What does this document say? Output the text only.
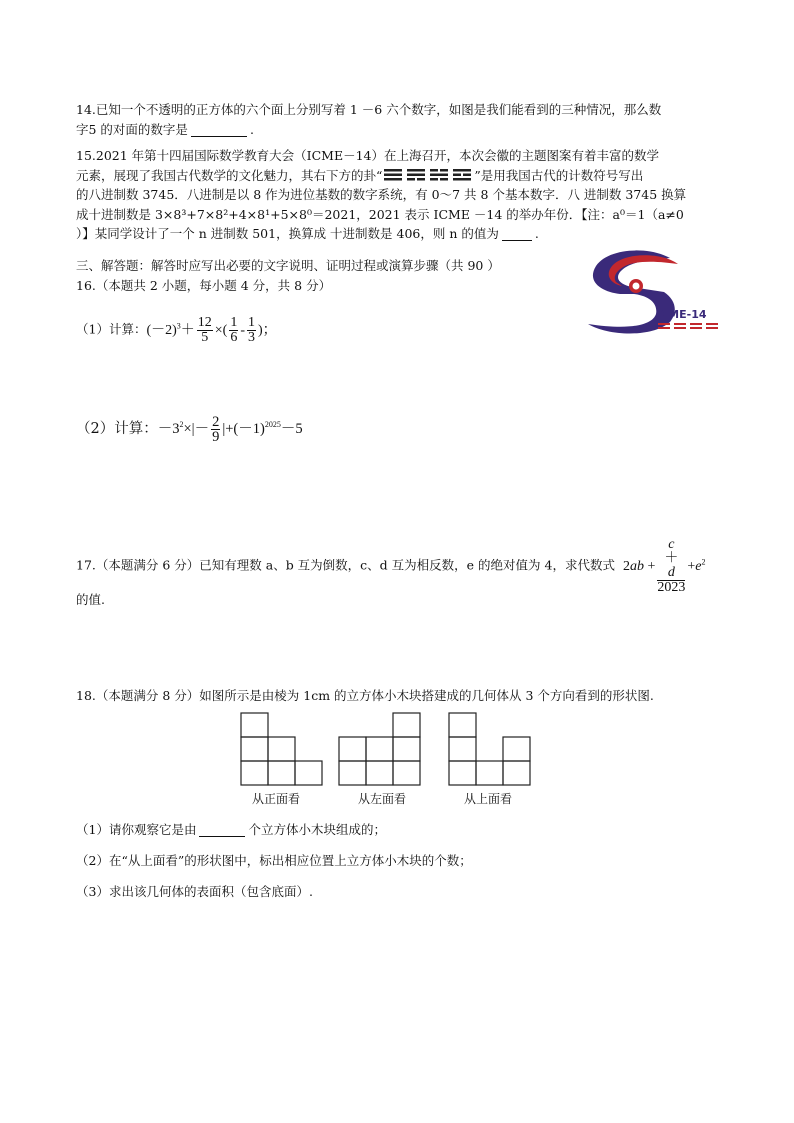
14.已知一个不透明的正方体的六个面上分别写着 1 －6 六个数字，如图是我们能看到的三种情况，那么数
字5 的对面的数字是	.
15.2021 年第十四届国际数学教育大会（ICME－14）在上海召开，本次会徽的主题图案有着丰富的数学
元素，展现了我国古代数学的文化魅力，其右下方的卦“	”是用我国古代的计数符号写出
的八进制数 3745．八进制是以 8 作为进位基数的数字系统，有 0～7 共 8 个基本数字．八 进制数 3745 换算
成十进制数是 3×8³+7×8²+4×8¹+5×8⁰＝2021，2021 表示 ICME －14 的举办年份．【注：a⁰＝1（a≠0
）】某同学设计了一个 n 进制数 501，换算成 十进制数是 406，则 n 的值为	.
ICME-14
三、解答题：解答时应写出必要的文字说明、证明过程或演算步骤（共 90 ）
16.（本题共 2 小题，每小题 4 分，共 8 分）
（1）计算：$(-2)^3+ \frac{12}{5}$ ×( $\frac{1}{6} - \frac{1}{3}$ )；
（2）计算：$-3^2\times|- \frac{2}{9} |+(-1)^{2025}-5$
17.（本题满分 6 分）已知有理数 a、b 互为倒数，c、d 互为相反数，e 的绝对值为 4，求代数式 2ab + c
＋
d
$2023 +e^2$
的值.
18.（本题满分 8 分）如图所示是由棱为 1cm 的立方体小木块搭建成的几何体从 3 个方向看到的形状图.
从正面看	从左面看	从上面看
（1）请你观察它是由	个立方体小木块组成的；
（2）在“从上面看”的形状图中，标出相应位置上立方体小木块的个数；
（3）求出该几何体的表面积（包含底面）.
